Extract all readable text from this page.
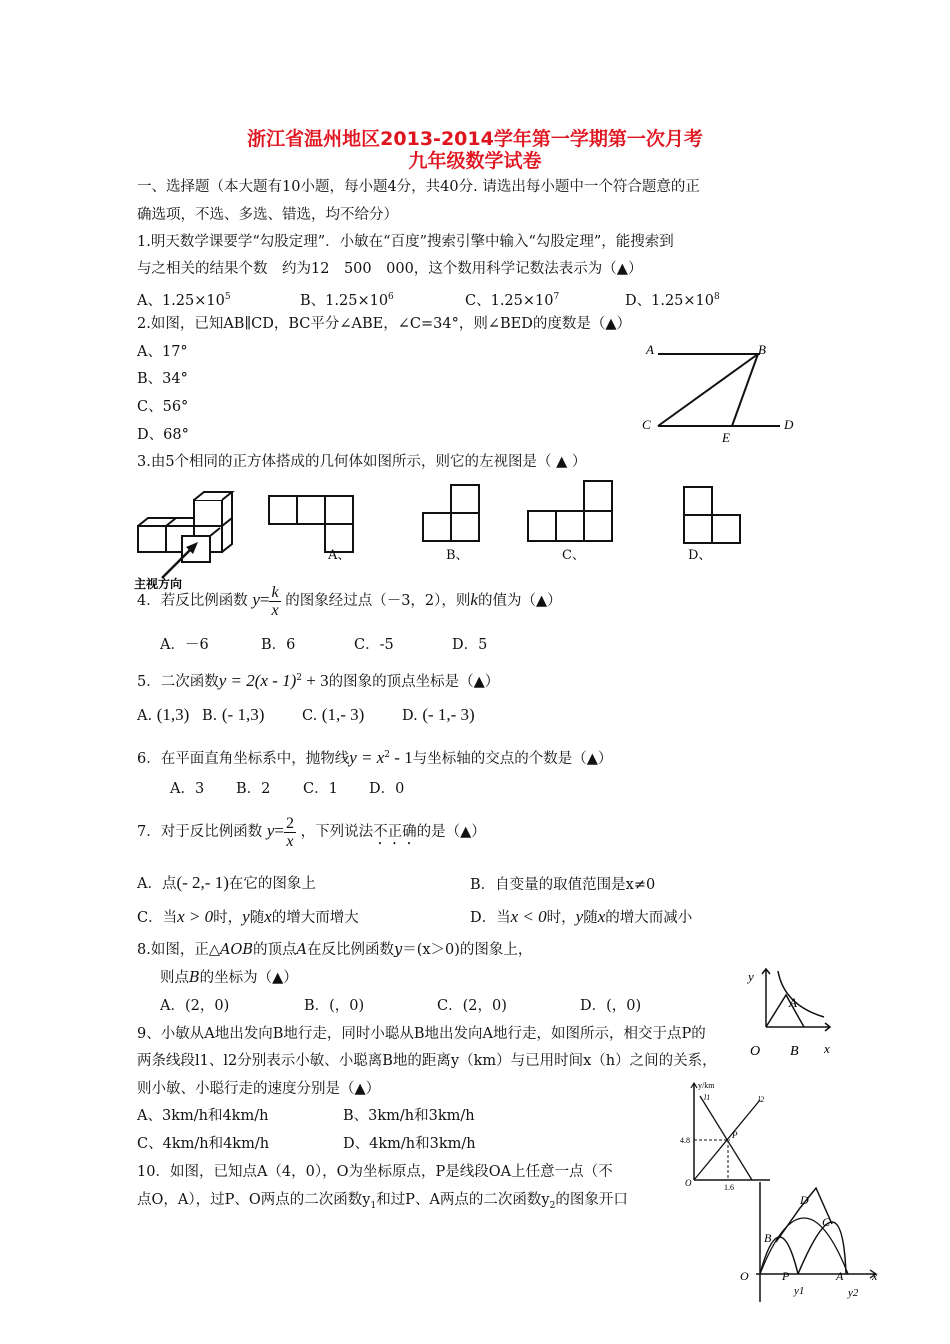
浙江省温州地区2013-2014学年第一学期第一次月考
九年级数学试卷
一、选择题（本大题有10小题，每小题4分，共40分. 请选出每小题中一个符合题意的正
确选项，不选、多选、错选，均不给分）
1.明天数学课要学“勾股定理”．小敏在“百度”搜索引擎中输入“勾股定理”，能搜索到
与之相关的结果个数　约为12　500　000，这个数用科学记数法表示为（▲）
A、$1.25\times 10^5$	B、$1.25\times 10^6$	C、$1.25\times 10^7$	D、$1.25\times 10^8$
2.如图，已知AB∥CD，BC平分∠ABE，∠C=34°，则∠BED的度数是（▲）
A、17°
B、34°
C、56°
D、68°
A	B
C	D
E
3.由5个相同的正方体搭成的几何体如图所示，则它的左视图是（ ▲ ）
主视方向
A、	B、	C、	D、
4．若反比例函数 $y= \frac{k}{x}$ 的图象经过点（－3，2），则k的值为（▲）
A．－6	B．6	C．-5	D．5
5．二次函数y = 2(x - 1)$^2$ + 3的图象的顶点坐标是（▲）
A. (1,3) B. (- 1,3)	C. (1,- 3)	D. (- 1,- 3)
6．在平面直角坐标系中，抛物线$y = x^2 - 1$与坐标轴的交点的个数是（▲）
A．3 B．2 C．1 D．0
7．对于反比例函数 $y= \frac{2}{x}$ ，下列说法不正确的是（▲）
A．点(- 2,- 1)在它的图象上	B．自变量的取值范围是x≠0
C．当x > 0时，y随x的增大而增大	D．当x < 0时，y随x的增大而减小
8.如图，正△AOB的顶点A在反比例函数y＝(x＞0)的图象上，
则点B的坐标为（▲）
A．(2，0)	B．(，0)	C．(2，0)	D．(，0)
y
A
O B x
9、小敏从A地出发向B地行走，同时小聪从B地出发向A地行走，如图所示，相交于点P的
两条线段l1、l2分别表示小敏、小聪离B地的距离y（km）与已用时间x（h）之间的关系，
则小敏、小聪行走的速度分别是（▲）
A、3km/h和4km/h	B、3km/h和3km/h
C、4km/h和4km/h	D、4km/h和3km/h
y/km
l1	l2
4.8
P
O	1.6
10．如图，已知点A（4，0），O为坐标原点，P是线段OA上任意一点（不
点O，A），过P、O两点的二次函数$y_1$和过P、A两点的二次函数$y_2$的图象开口	D
C
B
O	P	A x
y1	y2
